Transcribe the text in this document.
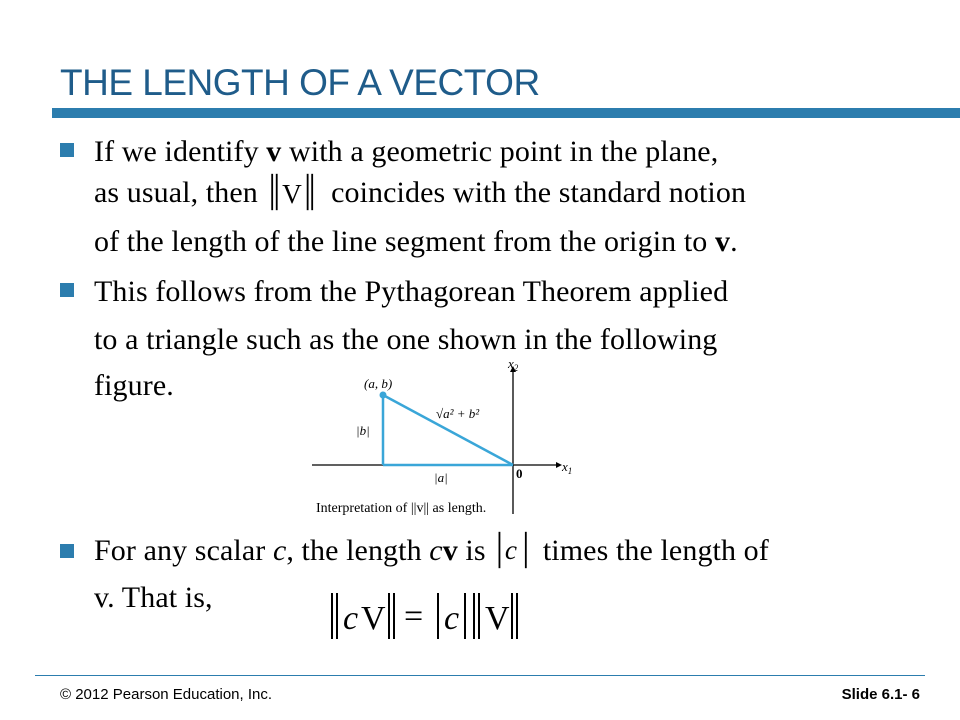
THE LENGTH OF A VECTOR
If we identify v with a geometric point in the plane,
as usual, then V coincides with the standard notion
of the length of the line segment from the origin to v.
This follows from the Pythagorean Theorem applied
to a triangle such as the one shown in the following
figure.	(a, b)
√a² + b²
|b|
|a|	0	$x_1$
$x_2$
Interpretation of ||v|| as length.
For any scalar c, the length cv is c times the length of
v. That is,
c V = c V
© 2012 Pearson Education, Inc.	Slide 6.1- 6
